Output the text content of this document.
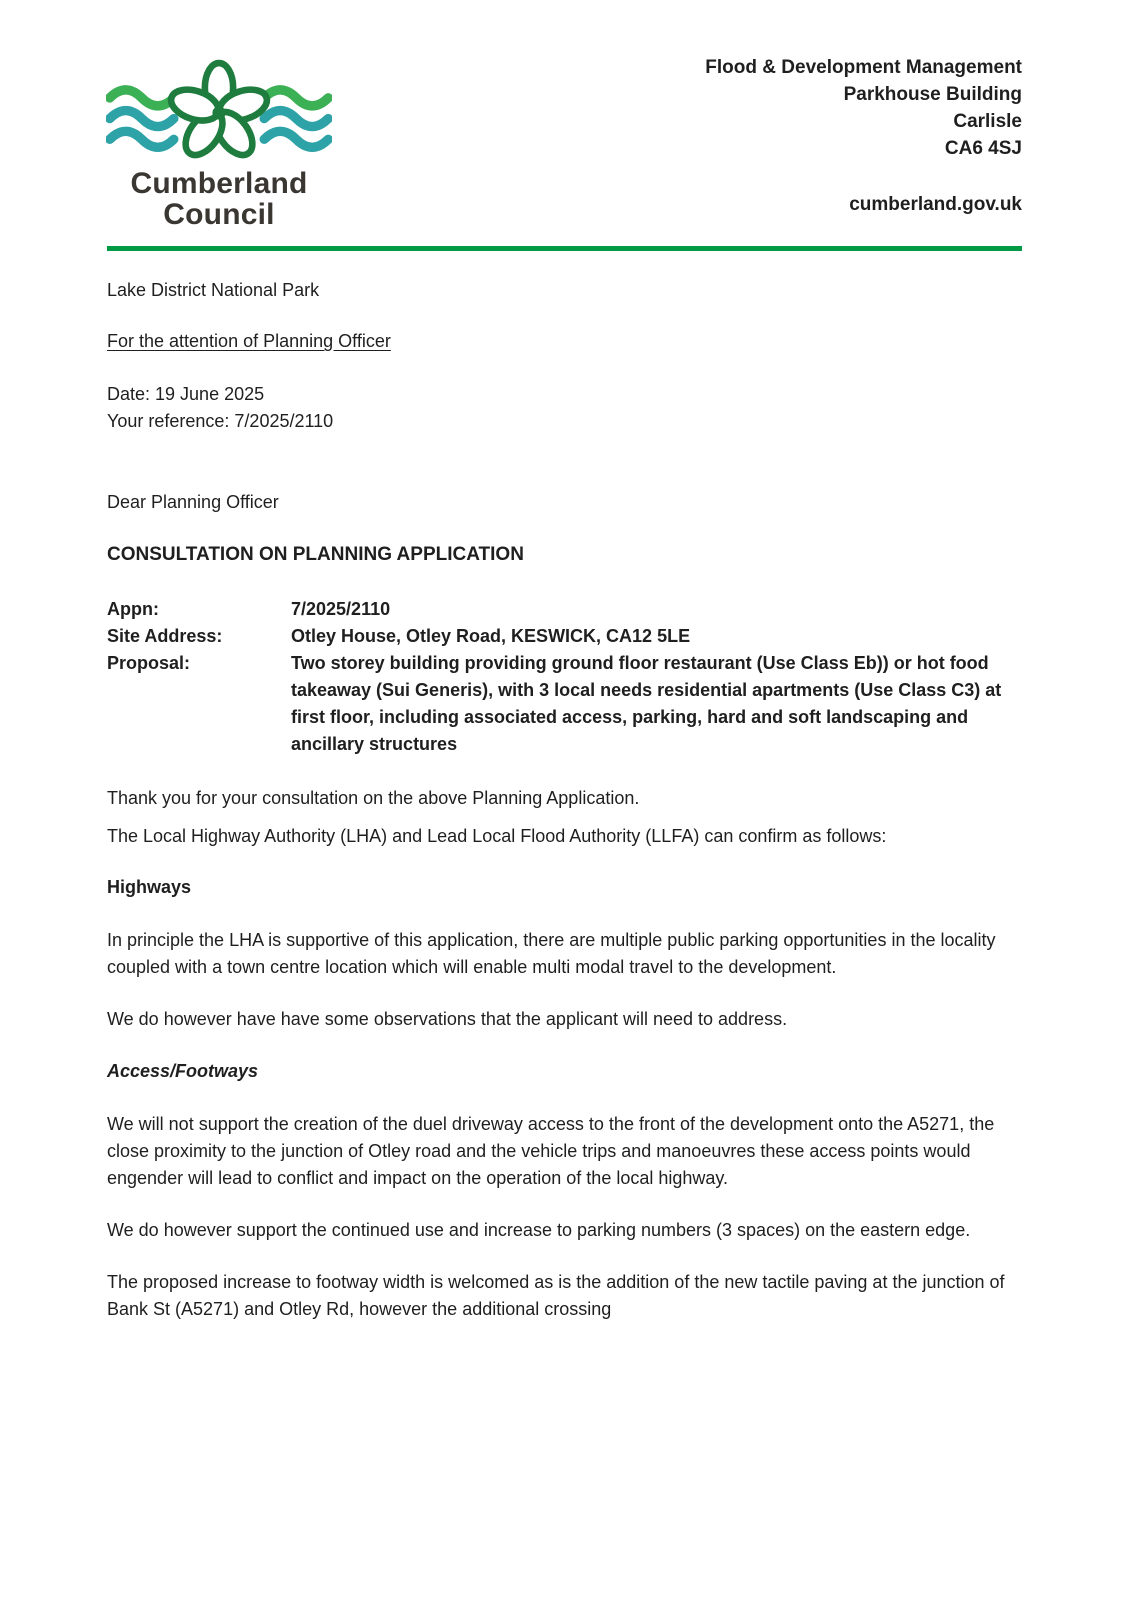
Cumberland
Council
Flood & Development Management
Parkhouse Building
Carlisle
CA6 4SJ
cumberland.gov.uk

Lake District National Park

For the attention of Planning Officer

Date: 19 June 2025
Your reference: 7/2025/2110

Dear Planning Officer

CONSULTATION ON PLANNING APPLICATION

Appn:	7/2025/2110
Site Address:	Otley House, Otley Road, KESWICK, CA12 5LE
Proposal:	Two storey building providing ground floor restaurant (Use Class Eb)) or hot food takeaway (Sui Generis), with 3 local needs residential apartments (Use Class C3) at first floor, including associated access, parking, hard and soft landscaping and ancillary structures

Thank you for your consultation on the above Planning Application.

The Local Highway Authority (LHA) and Lead Local Flood Authority (LLFA) can confirm as follows:

Highways

In principle the LHA is supportive of this application, there are multiple public parking opportunities in the locality coupled with a town centre location which will enable multi modal travel to the development.

We do however have have some observations that the applicant will need to address.

Access/Footways

We will not support the creation of the duel driveway access to the front of the development onto the A5271, the close proximity to the junction of Otley road and the vehicle trips and manoeuvres these access points would engender will lead to conflict and impact on the operation of the local highway.

We do however support the continued use and increase to parking numbers (3 spaces) on the eastern edge.

The proposed increase to footway width is welcomed as is the addition of the new tactile paving at the junction of Bank St (A5271) and Otley Rd, however the additional crossing
